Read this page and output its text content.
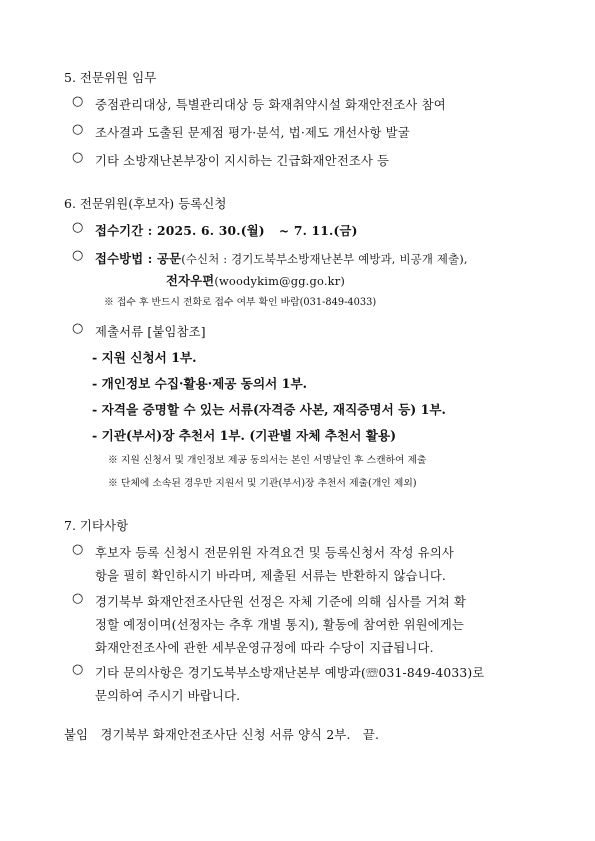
5. 전문위원 임무
○ 중점관리대상, 특별관리대상 등 화재취약시설 화재안전조사 참여
○ 조사결과 도출된 문제점 평가·분석, 법·제도 개선사항 발굴
○ 기타 소방재난본부장이 지시하는 긴급화재안전조사 등
6. 전문위원(후보자) 등록신청
○ 접수기간 : 2025. 6. 30.(월) ~ 7. 11.(금)
○ 접수방법 : 공문(수신처 : 경기도북부소방재난본부 예방과, 비공개 제출),
전자우편(woodykim@gg.go.kr)
※ 접수 후 반드시 전화로 접수 여부 확인 바람(031-849-4033)
○ 제출서류 [붙임참조]
- 지원 신청서 1부.
- 개인정보 수집·활용·제공 동의서 1부.
- 자격을 증명할 수 있는 서류(자격증 사본, 재직증명서 등) 1부.
- 기관(부서)장 추천서 1부. (기관별 자체 추천서 활용)
※ 지원 신청서 및 개인정보 제공 동의서는 본인 서명날인 후 스캔하여 제출
※ 단체에 소속된 경우만 지원서 및 기관(부서)장 추천서 제출(개인 제외)
7. 기타사항
○ 후보자 등록 신청시 전문위원 자격요건 및 등록신청서 작성 유의사
항을 필히 확인하시기 바라며, 제출된 서류는 반환하지 않습니다.
○ 경기북부 화재안전조사단원 선정은 자체 기준에 의해 심사를 거쳐 확
정할 예정이며(선정자는 추후 개별 통지), 활동에 참여한 위원에게는
화재안전조사에 관한 세부운영규정에 따라 수당이 지급됩니다.
○ 기타 문의사항은 경기도북부소방재난본부 예방과(☏031-849-4033)로
문의하여 주시기 바랍니다.
붙임   경기북부 화재안전조사단 신청 서류 양식 2부.   끝.
